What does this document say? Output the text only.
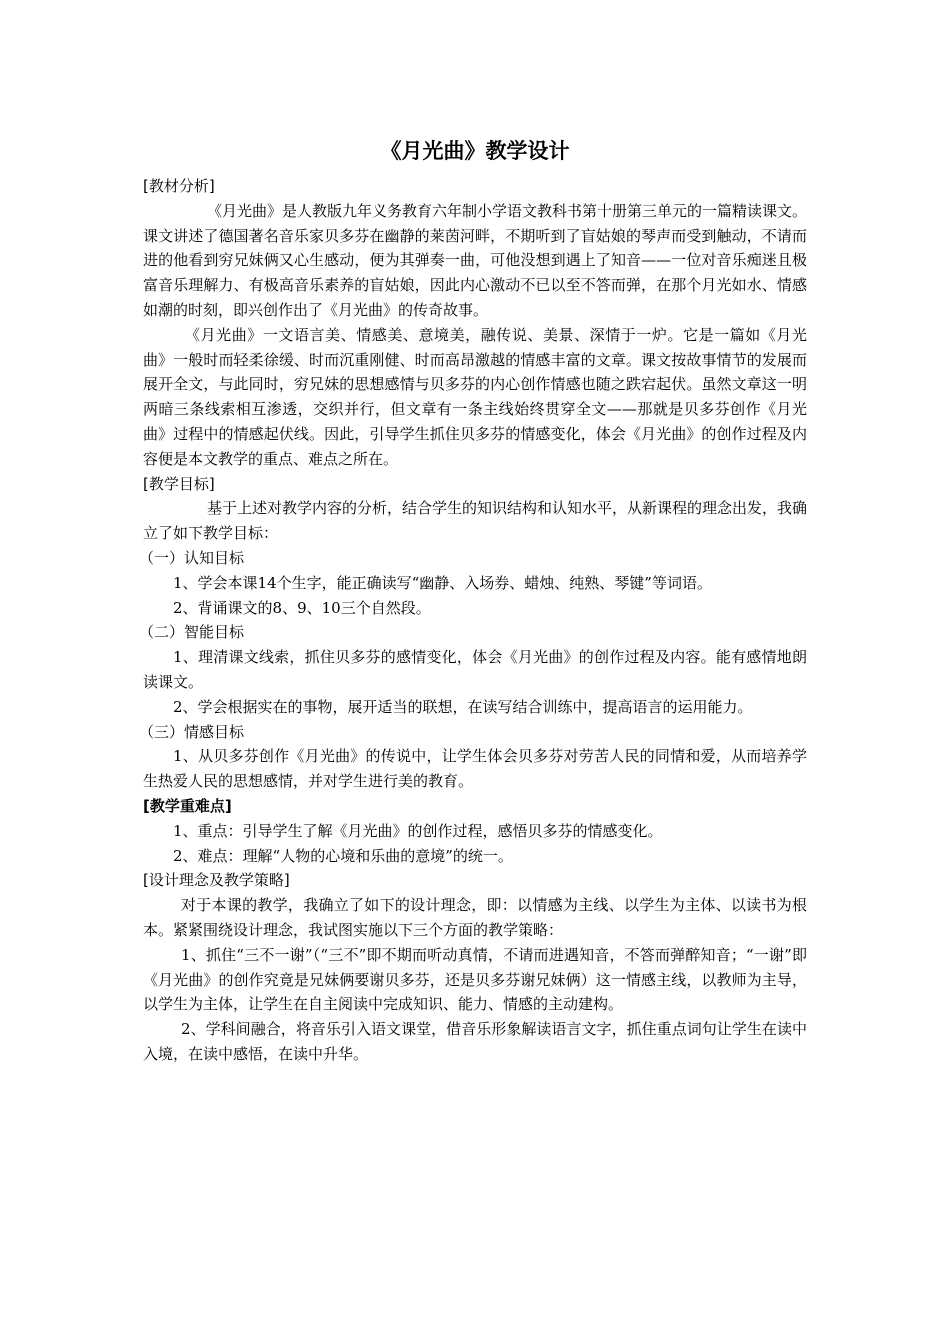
《月光曲》教学设计
[教材分析]

《月光曲》是人教版九年义务教育六年制小学语文教科书第十册第三单元的一篇精读课文。课文讲述了德国著名音乐家贝多芬在幽静的莱茵河畔，不期听到了盲姑娘的琴声而受到触动，不请而进的他看到穷兄妹俩又心生感动，便为其弹奏一曲，可他没想到遇上了知音——一位对音乐痴迷且极富音乐理解力、有极高音乐素养的盲姑娘，因此内心激动不已以至不答而弹，在那个月光如水、情感如潮的时刻，即兴创作出了《月光曲》的传奇故事。

《月光曲》一文语言美、情感美、意境美，融传说、美景、深情于一炉。它是一篇如《月光曲》一般时而轻柔徐缓、时而沉重刚健、时而高昂激越的情感丰富的文章。课文按故事情节的发展而展开全文，与此同时，穷兄妹的思想感情与贝多芬的内心创作情感也随之跌宕起伏。虽然文章这一明两暗三条线索相互渗透，交织并行，但文章有一条主线始终贯穿全文——那就是贝多芬创作《月光曲》过程中的情感起伏线。因此，引导学生抓住贝多芬的情感变化，体会《月光曲》的创作过程及内容便是本文教学的重点、难点之所在。

[教学目标]

基于上述对教学内容的分析，结合学生的知识结构和认知水平，从新课程的理念出发，我确立了如下教学目标：

（一）认知目标

1、学会本课14个生字，能正确读写“幽静、入场券、蜡烛、纯熟、琴键”等词语。

2、背诵课文的8、9、10三个自然段。

（二）智能目标

1、理清课文线索，抓住贝多芬的感情变化，体会《月光曲》的创作过程及内容。能有感情地朗读课文。

2、学会根据实在的事物，展开适当的联想，在读写结合训练中，提高语言的运用能力。

（三）情感目标

1、从贝多芬创作《月光曲》的传说中，让学生体会贝多芬对劳苦人民的同情和爱，从而培养学生热爱人民的思想感情，并对学生进行美的教育。

[教学重难点]

1、重点：引导学生了解《月光曲》的创作过程，感悟贝多芬的情感变化。

2、难点：理解“人物的心境和乐曲的意境”的统一。

[设计理念及教学策略]

对于本课的教学，我确立了如下的设计理念，即：以情感为主线、以学生为主体、以读书为根本。紧紧围绕设计理念，我试图实施以下三个方面的教学策略：

1、抓住“三不一谢”（“三不”即不期而听动真情，不请而进遇知音，不答而弹醉知音；“一谢”即《月光曲》的创作究竟是兄妹俩要谢贝多芬，还是贝多芬谢兄妹俩）这一情感主线，以教师为主导，以学生为主体，让学生在自主阅读中完成知识、能力、情感的主动建构。

2、学科间融合，将音乐引入语文课堂，借音乐形象解读语言文字，抓住重点词句让学生在读中入境，在读中感悟，在读中升华。
